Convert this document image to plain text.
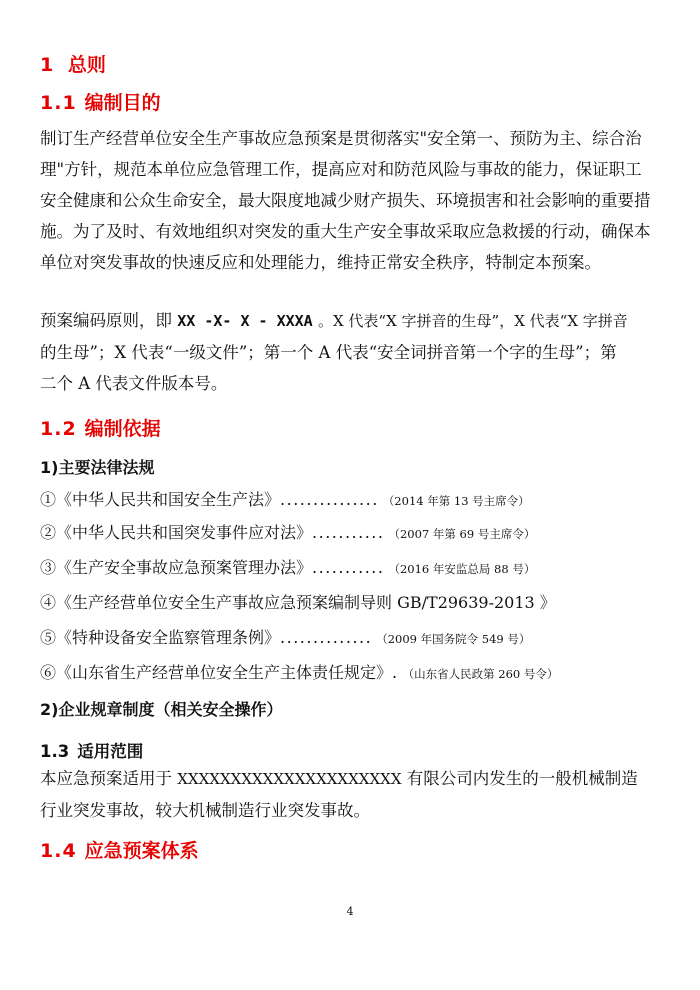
1 总则
1.1 编制目的
制订生产经营单位安全生产事故应急预案是贯彻落实"安全第一、预防为主、综合治
理"方针，规范本单位应急管理工作，提高应对和防范风险与事故的能力，保证职工
安全健康和公众生命安全，最大限度地减少财产损失、环境损害和社会影响的重要措
施。为了及时、有效地组织对突发的重大生产安全事故采取应急救援的行动，确保本
单位对突发事故的快速反应和处理能力，维持正常安全秩序，特制定本预案。
预案编码原则，即 XX -X- X - XXXA 。X 代表“X 字拼音的生母”，X 代表“X 字拼音
的生母”；X 代表“一级文件”；第一个 A 代表“安全词拼音第一个字的生母”；第
二个 A 代表文件版本号。
1.2 编制依据

1)主要法律法规

①《中华人民共和国安全生产法》............... （2014 年第 13 号主席令）

②《中华人民共和国突发事件应对法》........... （2007 年第 69 号主席令）

③《生产安全事故应急预案管理办法》........... （2016 年安监总局 88 号）

④《生产经营单位安全生产事故应急预案编制导则 GB/T29639-2013 》

⑤《特种设备安全监察管理条例》.............. （2009 年国务院令 549 号）

⑥《山东省生产经营单位安全生产主体责任规定》. （山东省人民政第 260 号令）

2)企业规章制度（相关安全操作）

1.3 适用范围
本应急预案适用于 XXXXXXXXXXXXXXXXXXXXX 有限公司内发生的一般机械制造
行业突发事故，较大机械制造行业突发事故。
1.4 应急预案体系
4
